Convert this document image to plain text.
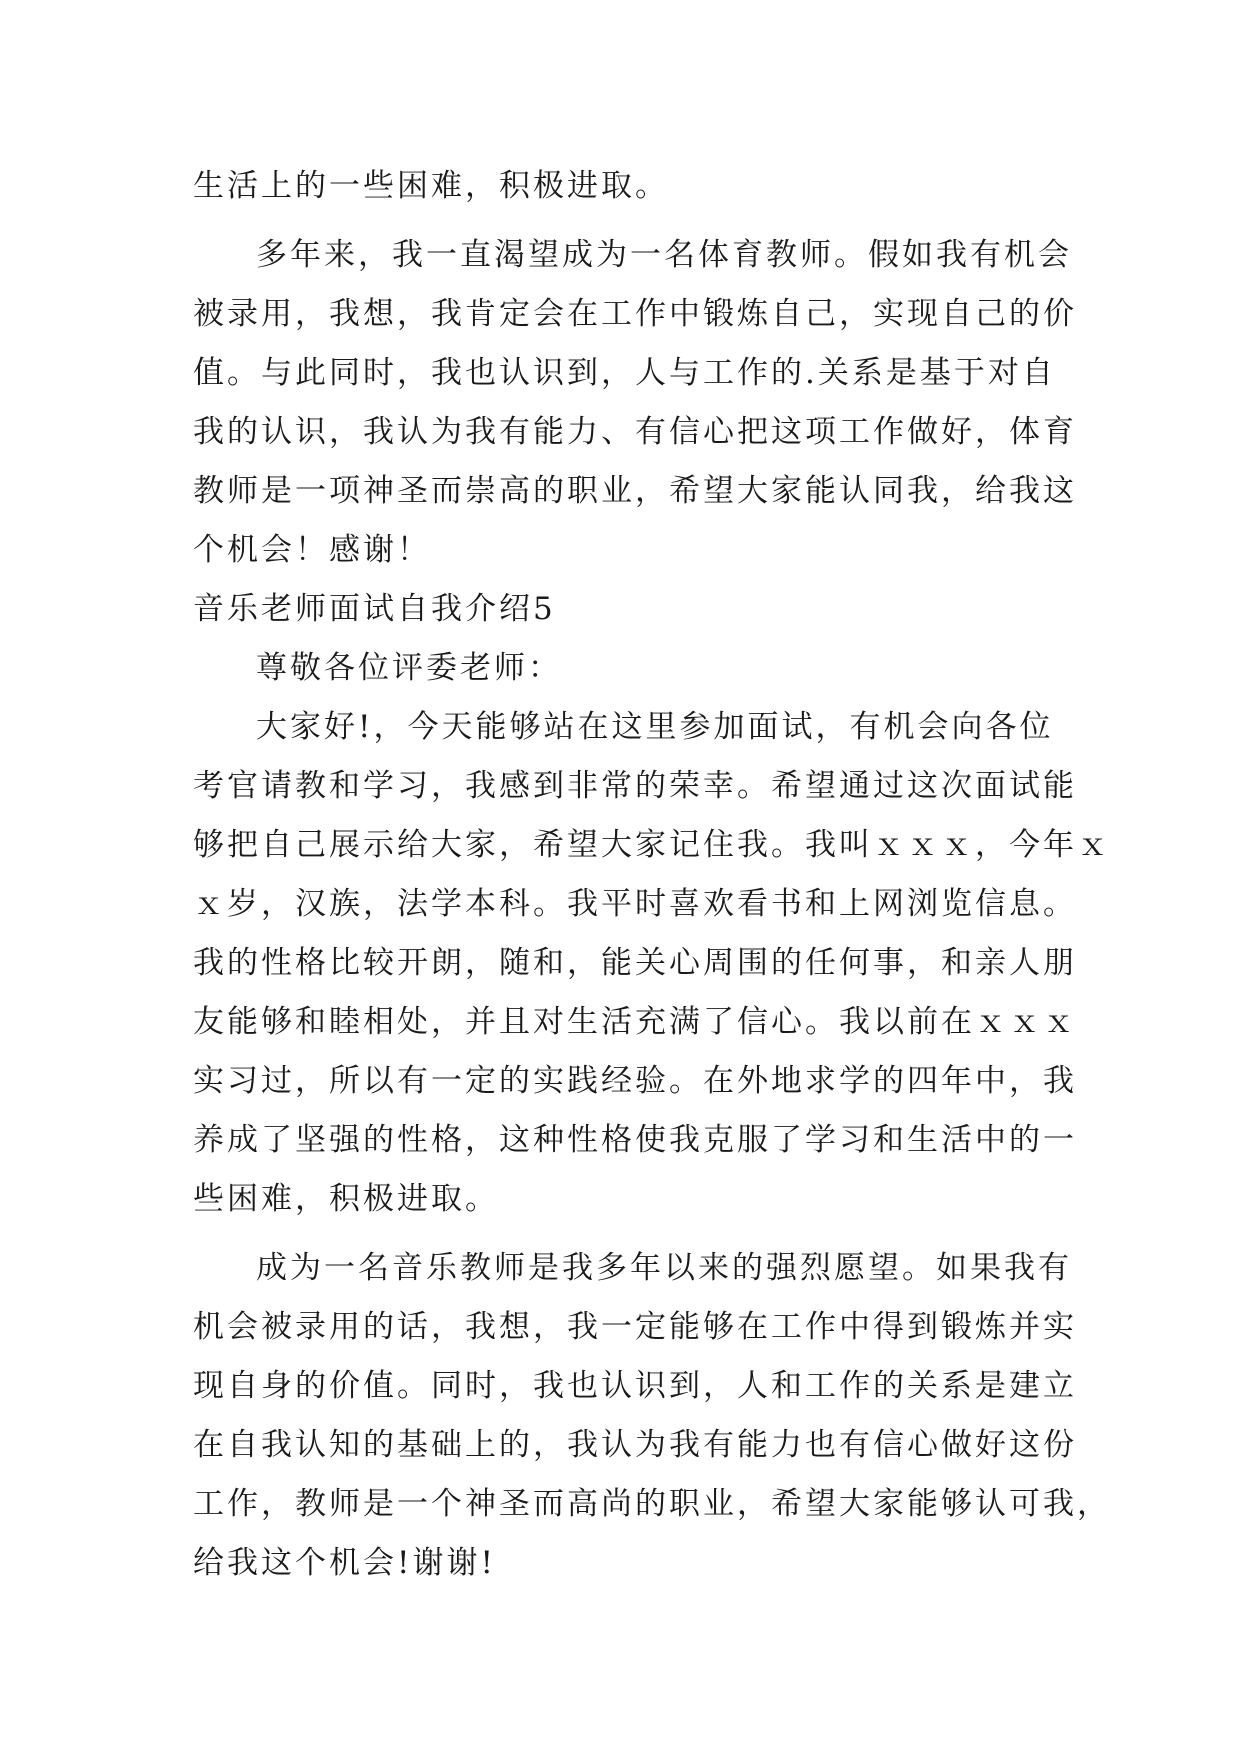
生活上的一些困难，积极进取。
多年来，我一直渴望成为一名体育教师。假如我有机会
被录用，我想，我肯定会在工作中锻炼自己，实现自己的价
值。与此同时，我也认识到，人与工作的.关系是基于对自
我的认识，我认为我有能力、有信心把这项工作做好，体育
教师是一项神圣而崇高的职业，希望大家能认同我，给我这
个机会！感谢！
音乐老师面试自我介绍5
尊敬各位评委老师：
大家好!，今天能够站在这里参加面试，有机会向各位
考官请教和学习，我感到非常的荣幸。希望通过这次面试能
够把自己展示给大家，希望大家记住我。我叫ｘｘｘ，今年ｘ
ｘ岁，汉族，法学本科。我平时喜欢看书和上网浏览信息。
我的性格比较开朗，随和，能关心周围的任何事，和亲人朋
友能够和睦相处，并且对生活充满了信心。我以前在ｘｘｘ
实习过，所以有一定的实践经验。在外地求学的四年中，我
养成了坚强的性格，这种性格使我克服了学习和生活中的一
些困难，积极进取。
成为一名音乐教师是我多年以来的强烈愿望。如果我有
机会被录用的话，我想，我一定能够在工作中得到锻炼并实
现自身的价值。同时，我也认识到，人和工作的关系是建立
在自我认知的基础上的，我认为我有能力也有信心做好这份
工作，教师是一个神圣而高尚的职业，希望大家能够认可我，
给我这个机会!谢谢!
